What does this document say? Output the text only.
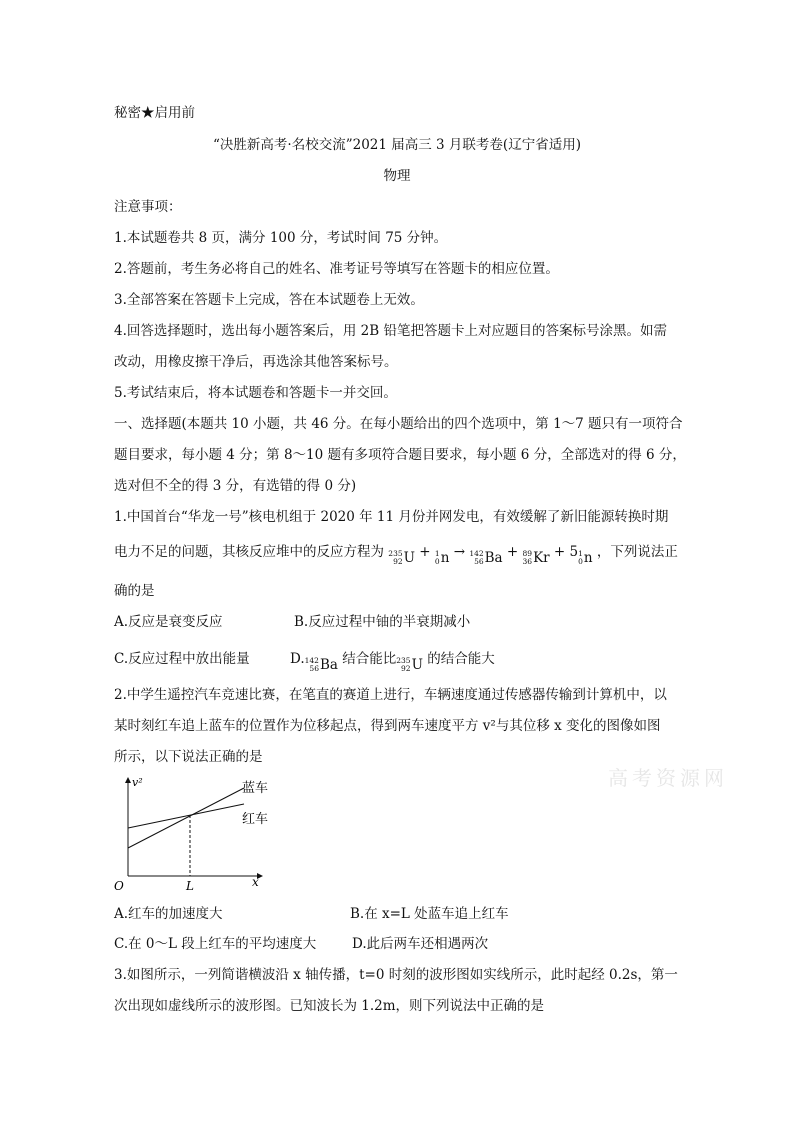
秘密★启用前
“决胜新高考·名校交流”2021 届高三 3 月联考卷(辽宁省适用)
物理
注意事项：
1.本试题卷共 8 页，满分 100 分，考试时间 75 分钟。
2.答题前，考生务必将自己的姓名、准考证号等填写在答题卡的相应位置。
3.全部答案在答题卡上完成，答在本试题卷上无效。
4.回答选择题时，选出每小题答案后，用 2B 铅笔把答题卡上对应题目的答案标号涂黑。如需
改动，用橡皮擦干净后，再选涂其他答案标号。
5.考试结束后，将本试题卷和答题卡一并交回。
一、选择题(本题共 10 小题，共 46 分。在每小题给出的四个选项中，第 1～7 题只有一项符合
题目要求，每小题 4 分；第 8～10 题有多项符合题目要求，每小题 6 分，全部选对的得 6 分，
选对但不全的得 3 分，有选错的得 0 分)
1.中国首台“华龙一号”核电机组于 2020 年 11 月份并网发电，有效缓解了新旧能源转换时期
电力不足的问题，其核反应堆中的反应方程为 235
92 U + 1
0 n → 142
56 Ba + 89
36 Kr + 5 1
0 n ，下列说法正
确的是
A.反应是衰变反应	B.反应过程中铀的半衰期减小
C.反应过程中放出能量	D. 142
56 Ba 结合能比 235
92 U 的结合能大
2.中学生遥控汽车竞速比赛，在笔直的赛道上进行，车辆速度通过传感器传输到计算机中，以
某时刻红车追上蓝车的位置作为位移起点，得到两车速度平方 v²与其位移 x 变化的图像如图
所示，以下说法正确的是
v²
x
O	L
蓝车
红车
A.红车的加速度大	B.在 x=L 处蓝车追上红车
C.在 0～L 段上红车的平均速度大	D.此后两车还相遇两次
3.如图所示，一列简谐横波沿 x 轴传播，t=0 时刻的波形图如实线所示，此时起经 0.2s，第一
次出现如虚线所示的波形图。已知波长为 1.2m，则下列说法中正确的是
高考资源网
